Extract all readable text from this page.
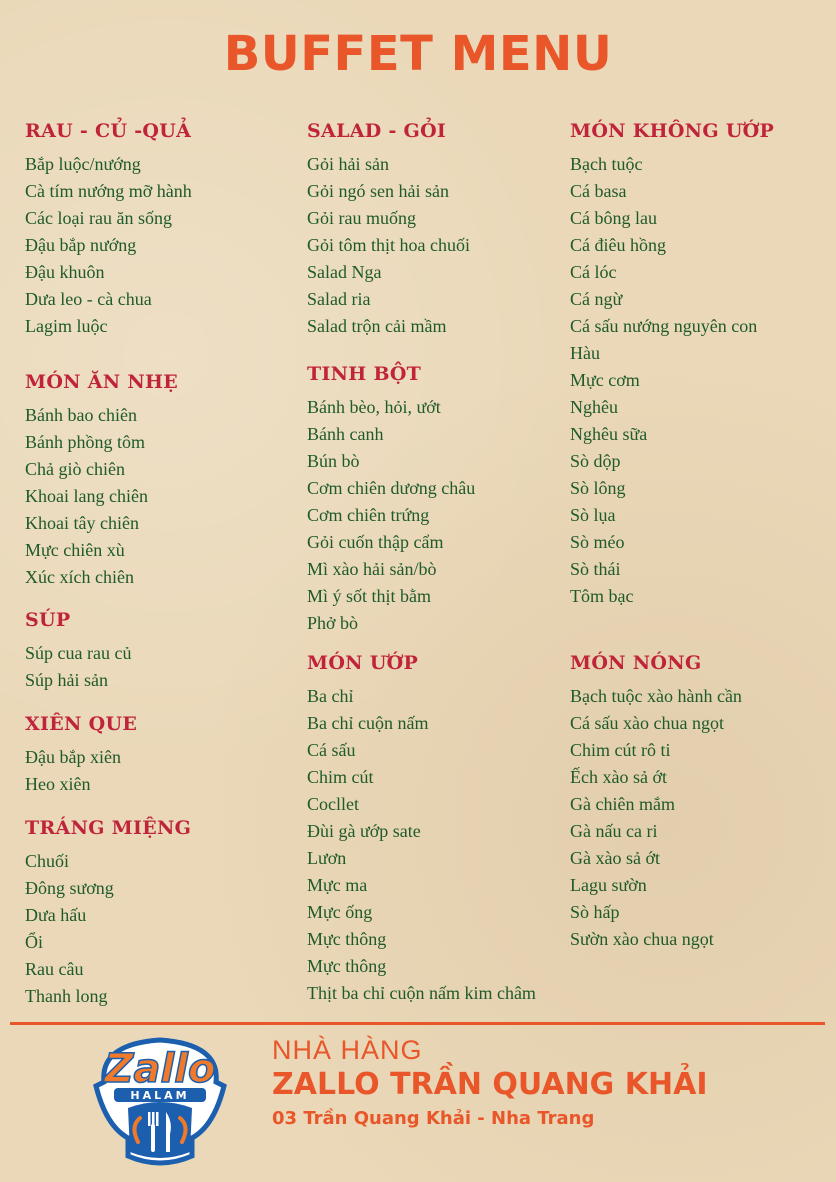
BUFFET MENU
RAU - CỦ -QUẢ
Bắp luộc/nướng
Cà tím nướng mỡ hành
Các loại rau ăn sống
Đậu bắp nướng
Đậu khuôn
Dưa leo - cà chua
Lagim luộc
MÓN ĂN NHẸ
Bánh bao chiên
Bánh phồng tôm
Chả giò chiên
Khoai lang chiên
Khoai tây chiên
Mực chiên xù
Xúc xích chiên
SÚP
Súp cua rau củ
Súp hải sản
XIÊN QUE
Đậu bắp xiên
Heo xiên
TRÁNG MIỆNG
Chuối
Đông sương
Dưa hấu
Ổi
Rau câu
Thanh long
SALAD - GỎI
Gỏi hải sản
Gỏi ngó sen hải sản
Gỏi rau muống
Gỏi tôm thịt hoa chuối
Salad Nga
Salad ria
Salad trộn cải mầm
TINH BỘT
Bánh bèo, hỏi, ướt
Bánh canh
Bún bò
Cơm chiên dương châu
Cơm chiên trứng
Gỏi cuốn thập cẩm
Mì xào hải sản/bò
Mì ý sốt thịt bằm
Phở bò
MÓN ƯỚP
Ba chỉ
Ba chỉ cuộn nấm
Cá sấu
Chim cút
Cocllet
Đùi gà ướp sate
Lươn
Mực ma
Mực ống
Mực thông
Mực thông
Thịt ba chỉ cuộn nấm kim châm
MÓN KHÔNG ƯỚP
Bạch tuộc
Cá basa
Cá bông lau
Cá điêu hồng
Cá lóc
Cá ngừ
Cá sấu nướng nguyên con
Hàu
Mực cơm
Nghêu
Nghêu sữa
Sò dộp
Sò lông
Sò lụa
Sò méo
Sò thái
Tôm bạc
MÓN NÓNG
Bạch tuộc xào hành cần
Cá sấu xào chua ngọt
Chim cút rô ti
Ếch xào sả ớt
Gà chiên mắm
Gà nấu ca ri
Gà xào sả ớt
Lagu sườn
Sò hấp
Sườn xào chua ngọt
HALAM
Zallo NHÀ HÀNG
ZALLO TRẦN QUANG KHẢI
03 Trần Quang Khải - Nha Trang
